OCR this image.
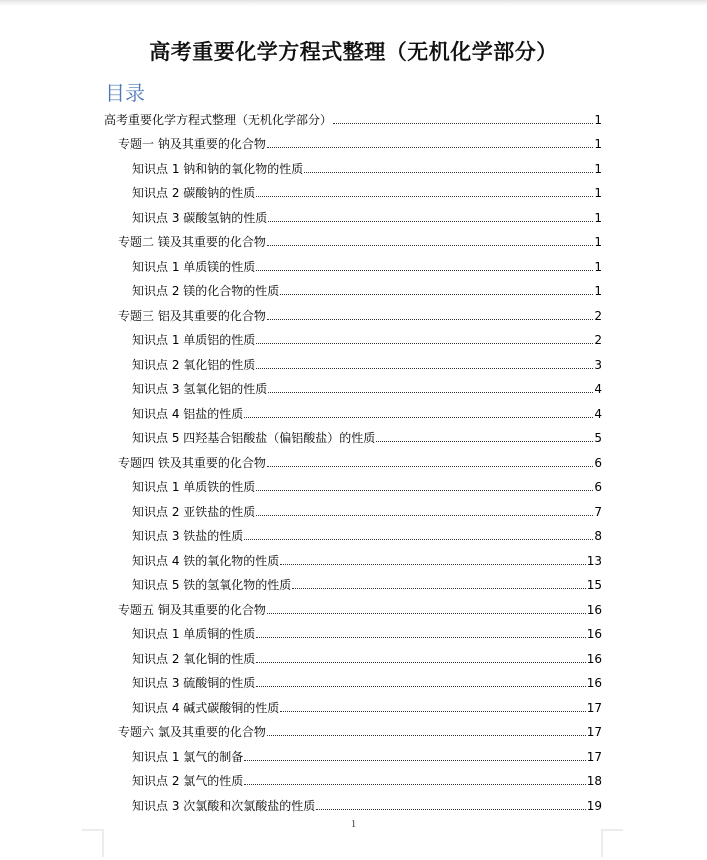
高考重要化学方程式整理（无机化学部分）
目录
高考重要化学方程式整理（无机化学部分）	1
专题一 钠及其重要的化合物	1
知识点 1 钠和钠的氧化物的性质	1
知识点 2 碳酸钠的性质	1
知识点 3 碳酸氢钠的性质	1
专题二 镁及其重要的化合物	1
知识点 1 单质镁的性质	1
知识点 2 镁的化合物的性质	1
专题三 铝及其重要的化合物	2
知识点 1 单质铝的性质	2
知识点 2 氧化铝的性质	3
知识点 3 氢氧化铝的性质	4
知识点 4 铝盐的性质	4
知识点 5 四羟基合铝酸盐（偏铝酸盐）的性质	5
专题四 铁及其重要的化合物	6
知识点 1 单质铁的性质	6
知识点 2 亚铁盐的性质	7
知识点 3 铁盐的性质	8
知识点 4 铁的氧化物的性质	13
知识点 5 铁的氢氧化物的性质	15
专题五 铜及其重要的化合物	16
知识点 1 单质铜的性质	16
知识点 2 氧化铜的性质	16
知识点 3 硫酸铜的性质	16
知识点 4 碱式碳酸铜的性质	17
专题六 氯及其重要的化合物	17
知识点 1 氯气的制备	17
知识点 2 氯气的性质	18
知识点 3 次氯酸和次氯酸盐的性质	19
1
